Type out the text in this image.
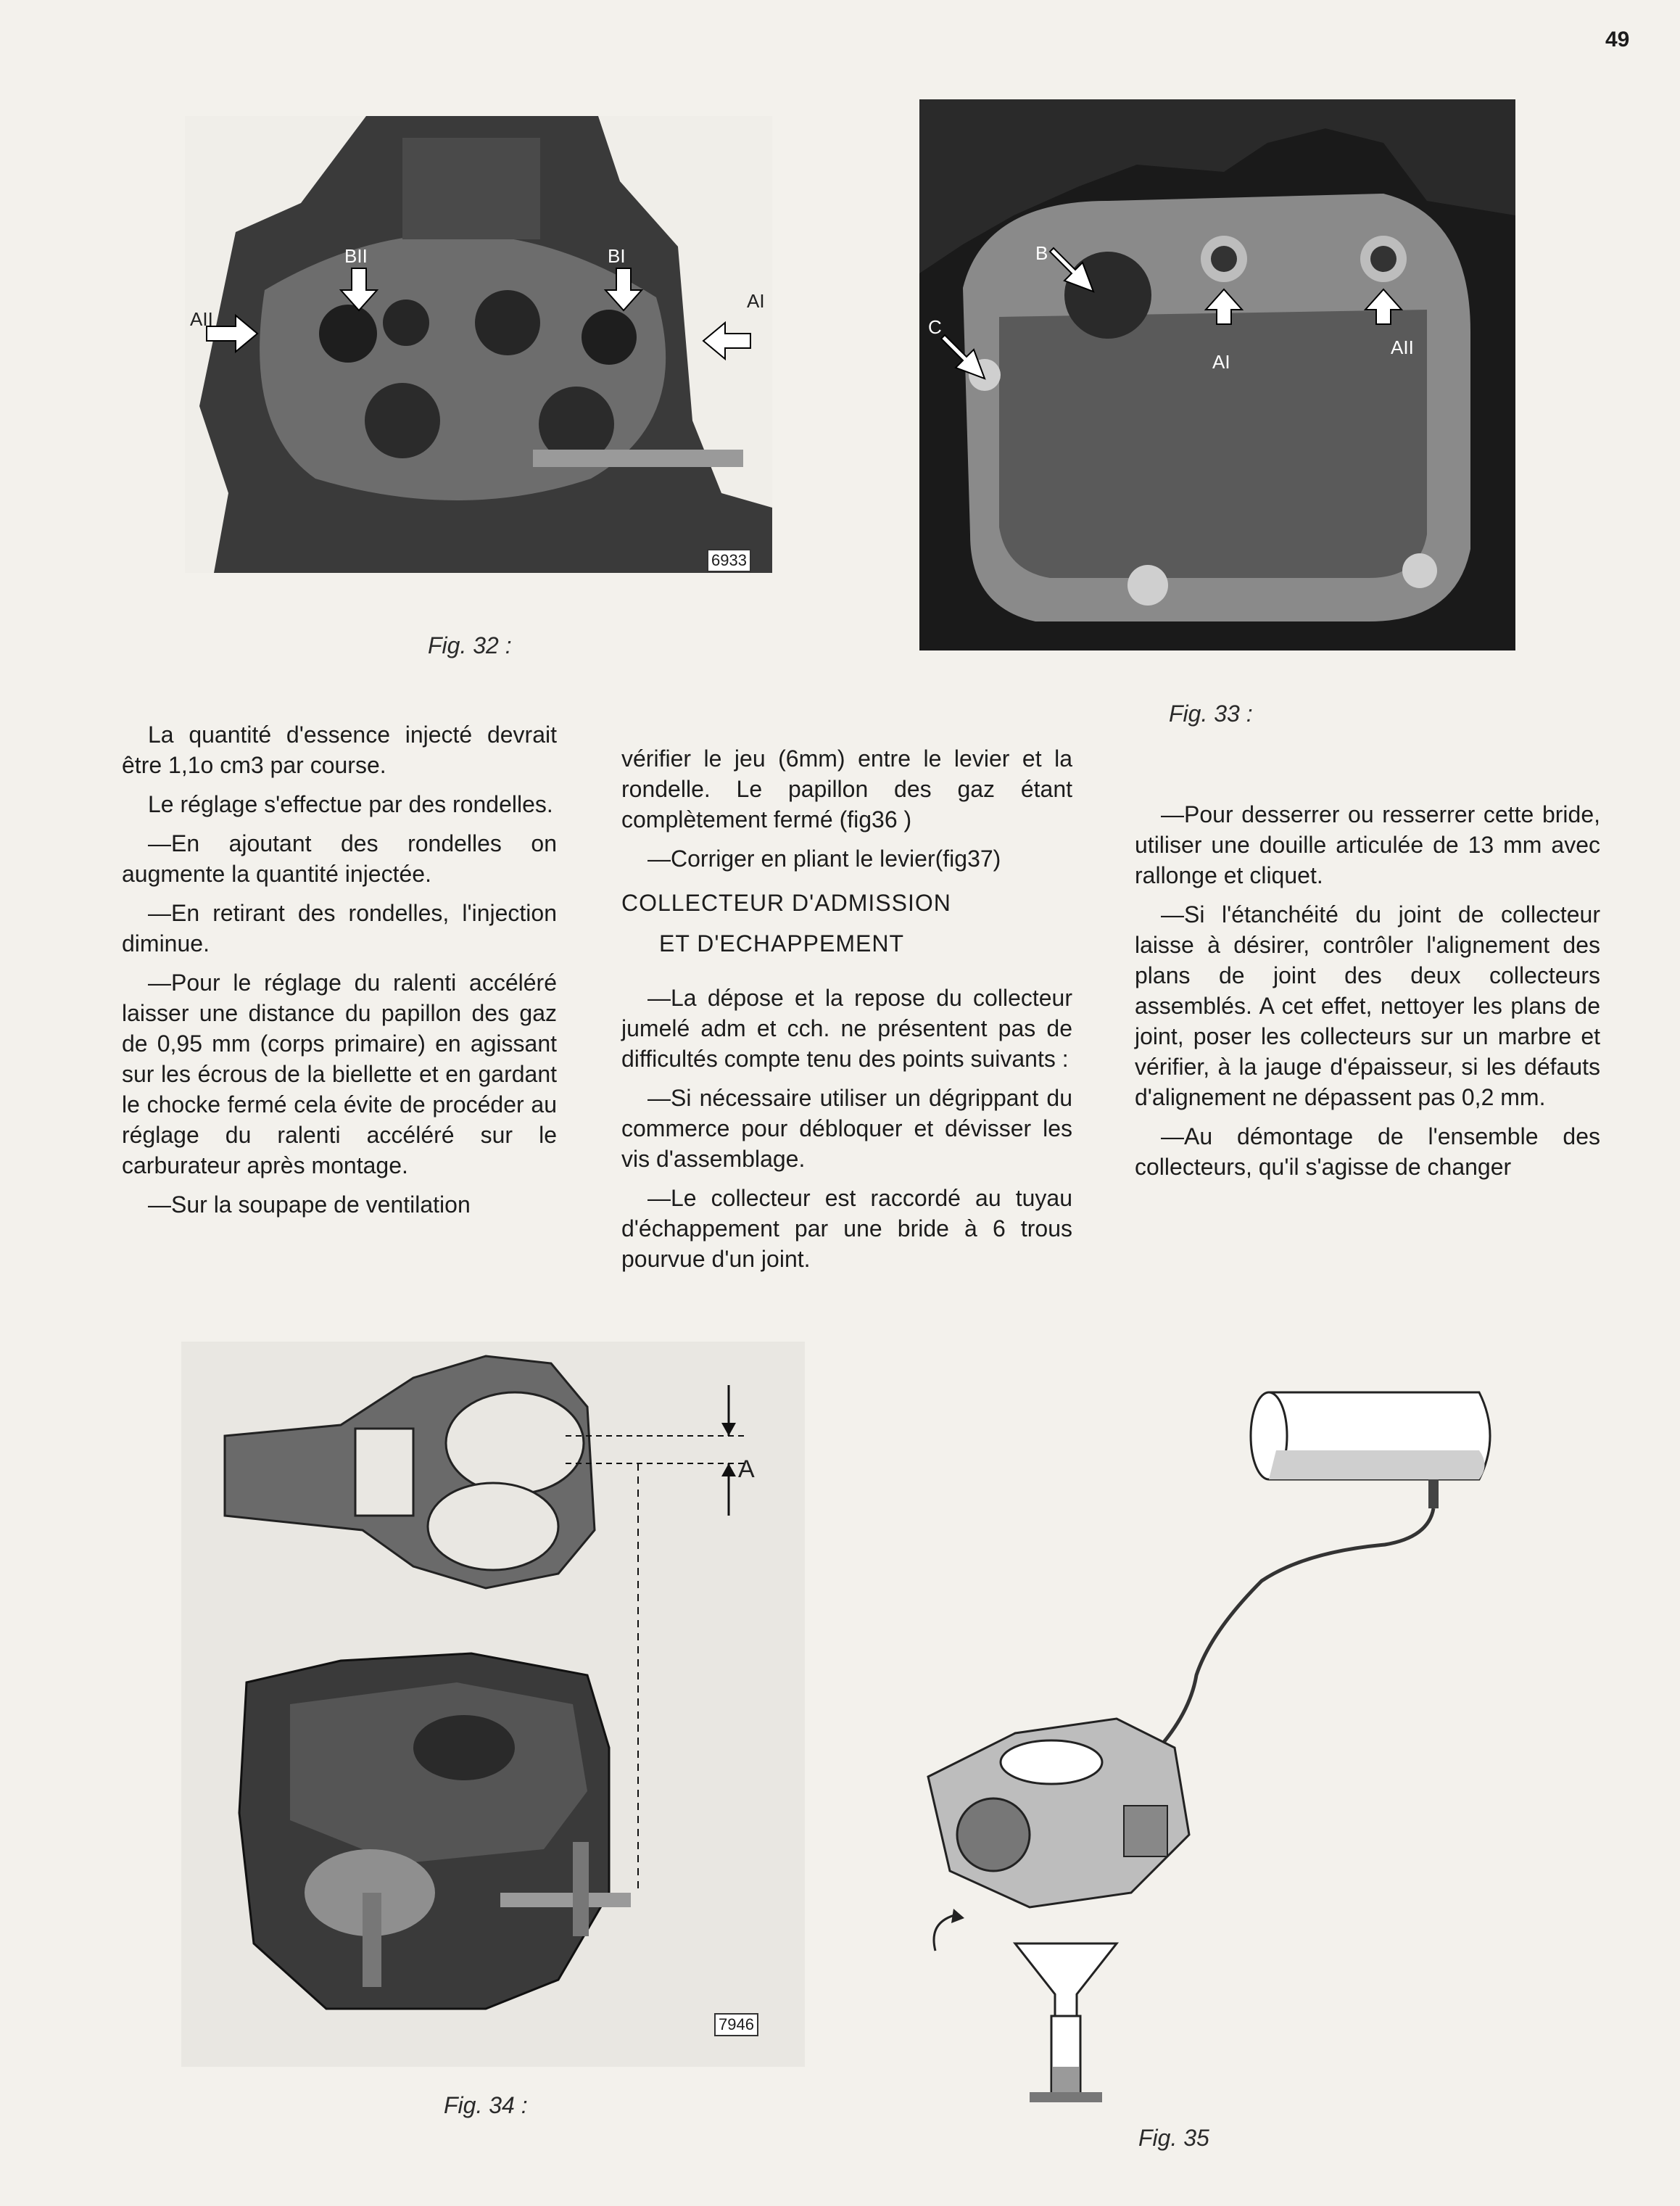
49
AII
BII	BI
AI
6933
Fig. 32 :
B
C
AI
AII
Fig. 33 :

La quantité d'essence injecté devrait être 1,1o cm3 par course.

Le réglage s'effectue par des rondelles.

—En ajoutant des rondelles on augmente la quantité injectée.

—En retirant des rondelles, l'injection diminue.

—Pour le réglage du ralenti accéléré laisser une distance du papillon des gaz de 0,95 mm (corps primaire) en agissant sur les écrous de la biellette et en gardant le chocke fermé cela évite de procéder au réglage du ralenti accéléré sur le carburateur après montage.

—Sur la soupape de ventilation

vérifier le jeu (6mm) entre le levier et la rondelle. Le papillon des gaz étant complètement fermé (fig36 )

—Corriger en pliant le levier(fig37)

COLLECTEUR D'ADMISSION
ET D'ECHAPPEMENT

—La dépose et la repose du collecteur jumelé adm et cch. ne présentent pas de difficultés compte tenu des points suivants :

—Si nécessaire utiliser un dégrippant du commerce pour débloquer et dévisser les vis d'assemblage.

—Le collecteur est raccordé au tuyau d'échappement par une bride à 6 trous pourvue d'un joint.

—Pour desserrer ou resserrer cette bride, utiliser une douille articulée de 13 mm avec rallonge et cliquet.

—Si l'étanchéité du joint de collecteur laisse à désirer, contrôler l'alignement des plans de joint des deux collecteurs assemblés. A cet effet, nettoyer les plans de joint, poser les collecteurs sur un marbre et vérifier, à la jauge d'épaisseur, si les défauts d'alignement ne dépassent pas 0,2 mm.

—Au démontage de l'ensemble des collecteurs, qu'il s'agisse de changer

A
7946
Fig. 34 :
Fig. 35
